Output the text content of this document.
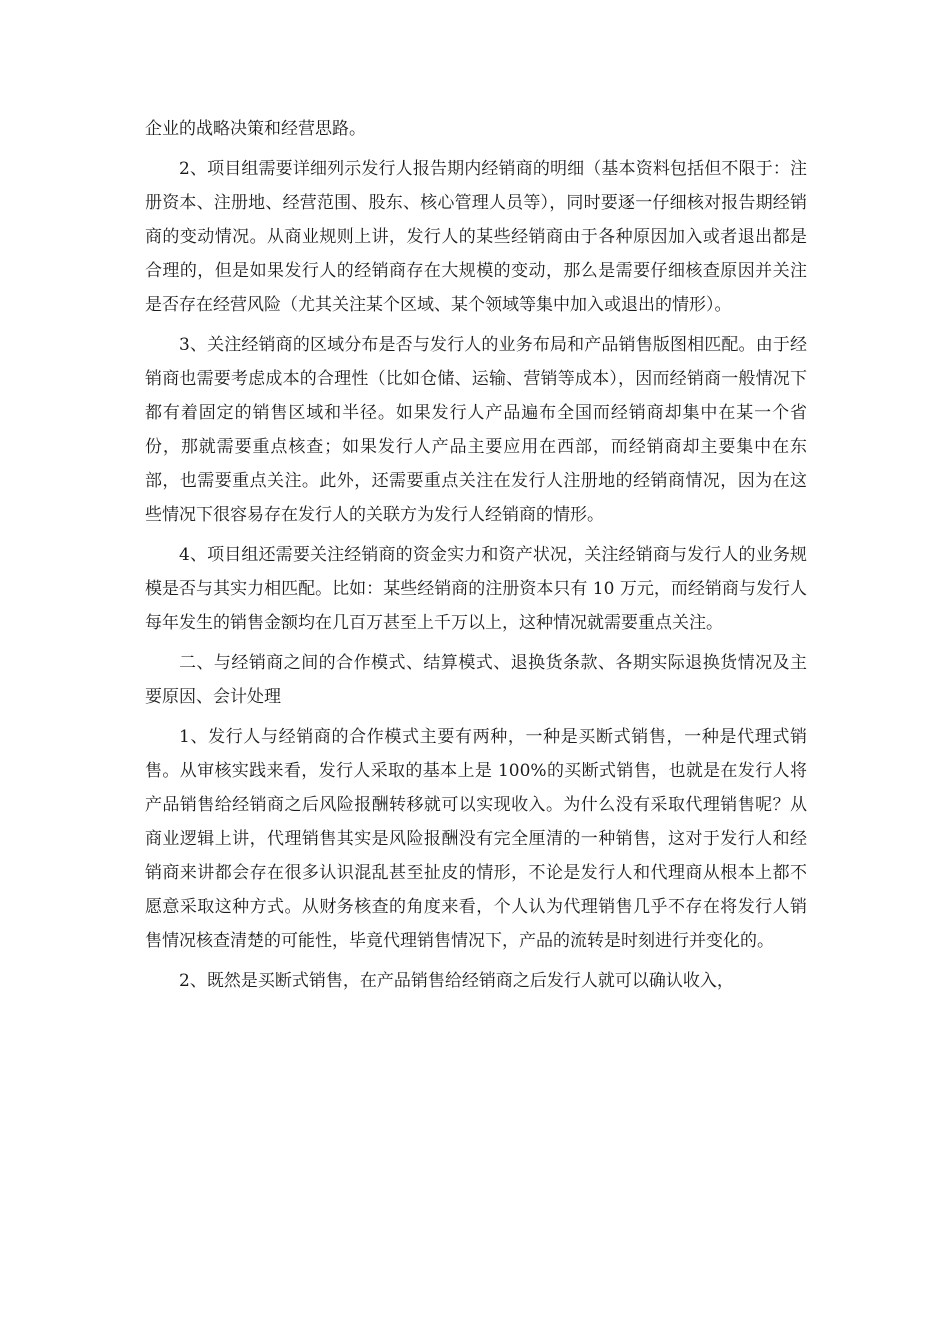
企业的战略决策和经营思路。

2、项目组需要详细列示发行人报告期内经销商的明细（基本资料包括但不限于：注册资本、注册地、经营范围、股东、核心管理人员等），同时要逐一仔细核对报告期经销商的变动情况。从商业规则上讲，发行人的某些经销商由于各种原因加入或者退出都是合理的，但是如果发行人的经销商存在大规模的变动，那么是需要仔细核查原因并关注是否存在经营风险（尤其关注某个区域、某个领域等集中加入或退出的情形）。

3、关注经销商的区域分布是否与发行人的业务布局和产品销售版图相匹配。由于经销商也需要考虑成本的合理性（比如仓储、运输、营销等成本），因而经销商一般情况下都有着固定的销售区域和半径。如果发行人产品遍布全国而经销商却集中在某一个省份，那就需要重点核查；如果发行人产品主要应用在西部，而经销商却主要集中在东部，也需要重点关注。此外，还需要重点关注在发行人注册地的经销商情况，因为在这些情况下很容易存在发行人的关联方为发行人经销商的情形。

4、项目组还需要关注经销商的资金实力和资产状况，关注经销商与发行人的业务规模是否与其实力相匹配。比如：某些经销商的注册资本只有 10 万元，而经销商与发行人每年发生的销售金额均在几百万甚至上千万以上，这种情况就需要重点关注。

二、与经销商之间的合作模式、结算模式、退换货条款、各期实际退换货情况及主要原因、会计处理

1、发行人与经销商的合作模式主要有两种，一种是买断式销售，一种是代理式销售。从审核实践来看，发行人采取的基本上是 100%的买断式销售，也就是在发行人将产品销售给经销商之后风险报酬转移就可以实现收入。为什么没有采取代理销售呢？从商业逻辑上讲，代理销售其实是风险报酬没有完全厘清的一种销售，这对于发行人和经销商来讲都会存在很多认识混乱甚至扯皮的情形，不论是发行人和代理商从根本上都不愿意采取这种方式。从财务核查的角度来看，个人认为代理销售几乎不存在将发行人销售情况核查清楚的可能性，毕竟代理销售情况下，产品的流转是时刻进行并变化的。

2、既然是买断式销售，在产品销售给经销商之后发行人就可以确认收入，
